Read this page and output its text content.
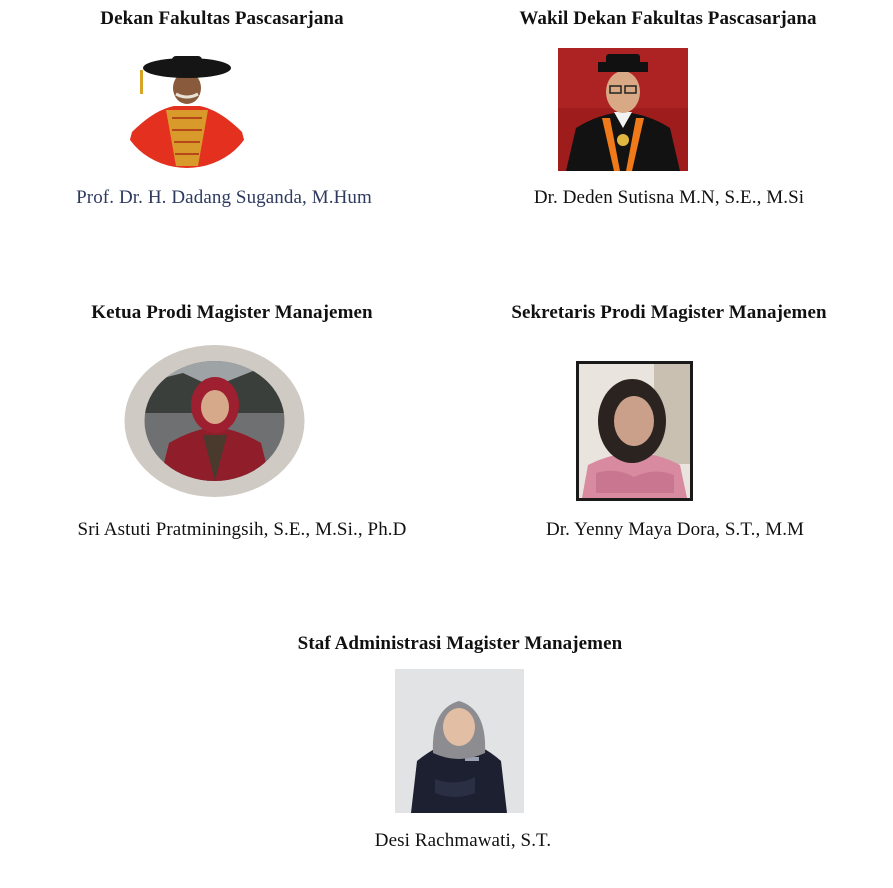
Dekan Fakultas Pascasarjana
Prof. Dr. H. Dadang Suganda, M.Hum
Wakil Dekan Fakultas Pascasarjana
Dr. Deden Sutisna M.N, S.E., M.Si
Ketua Prodi Magister Manajemen
Sri Astuti Pratminingsih, S.E., M.Si., Ph.D
Sekretaris Prodi Magister Manajemen
Dr. Yenny Maya Dora, S.T., M.M
Staf Administrasi Magister Manajemen
Desi Rachmawati, S.T.
